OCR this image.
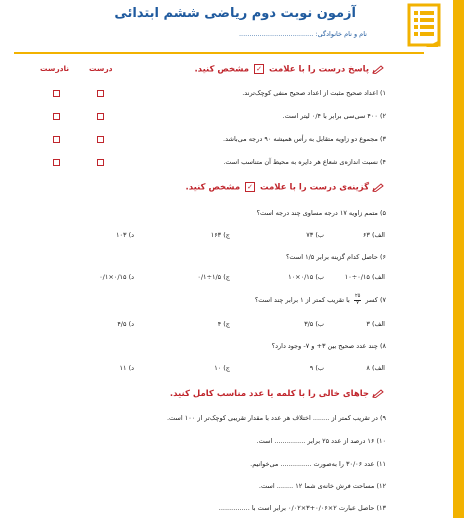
آزمون نوبت دوم ریاضی ششم ابتدائی
نام و نام خانوادگی: ....................................
پاسخ درست را با علامت ✓ مشخص کنید.
درست
نادرست
۱) اعداد صحیح مثبت از اعداد صحیح منفی کوچک‌ترند.
۲) ۴۰۰ سی‌سی برابر با ۰/۴ لیتر است.
۳) مجموع دو زاویه متقابل به رأس همیشه ۹۰ درجه می‌باشد.
۴) نسبت اندازه‌ی شعاع هر دایره به محیط آن متناسب است.
گزینه‌ی درست را با علامت ✓ مشخص کنید.
۵) متمم زاویه ۱۷ درجه مساوی چند درجه است؟
الف) ۶۳
ب) ۷۳
ج) ۱۶۳
د) ۱۰۳
۶) حاصل کدام گزینه برابر ۱/۵ است؟
الف) ۰/۱۵÷۱۰
ب) ۰/۱۵×۱۰
ج) ۱/۵÷۰/۱
د) ۰/۱۵×۰/۱
۷) کسر
$\frac{۲۵}{۷}$
با تقریب کمتر از ۱ برابر چند است؟
الف) ۳
ب) ۳/۵
ج) ۴
د) ۴/۵
۸) چند عدد صحیح بین ۳+ و ۷- وجود دارد؟
الف) ۸
ب) ۹
ج) ۱۰
د) ۱۱
جاهای خالی را با کلمه یا عدد مناسب کامل کنید.
۹) در تقریب کمتر از ........ اختلاف هر عدد با مقدار تقریبی کوچک‌تر از ۱۰۰ است.
۱۰) ۱۶ درصد از عدد ۲۵ برابر ............... است.
۱۱) عدد ۳۰/۰۶ را به‌صورت ............... می‌خوانیم.
۱۲) مساحت فرش خانه‌ی شما ۱۲ ........ است.
۱۳) حاصل عبارت ۲×۰/۰۶+۳×۰/۰۲ برابر است با ...............
